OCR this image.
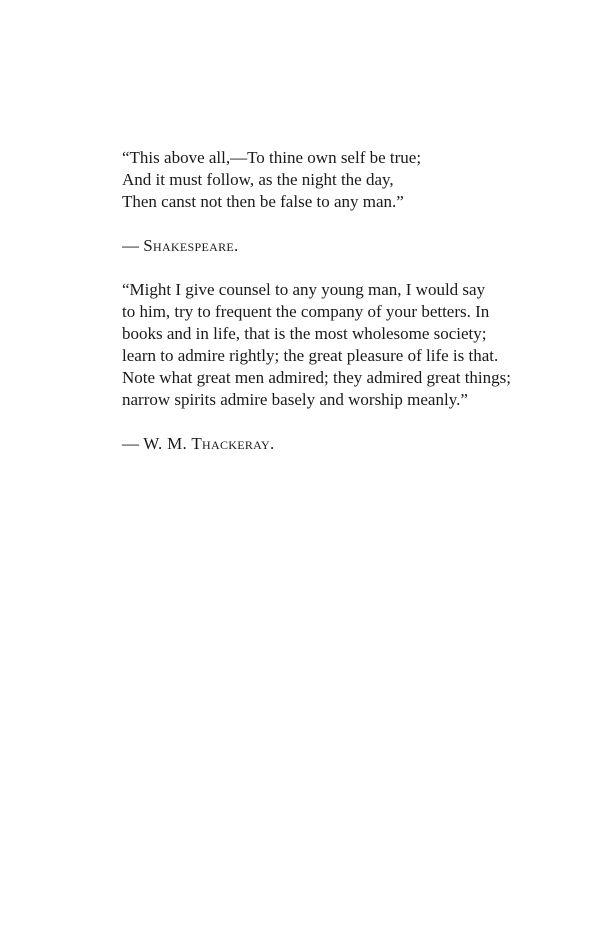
“This above all,—To thine own self be true;
And it must follow, as the night the day,
Then canst not then be false to any man.”

— Shakespeare.

“Might I give counsel to any young man, I would say
to him, try to frequent the company of your betters. In
books and in life, that is the most wholesome society;
learn to admire rightly; the great pleasure of life is that.
Note what great men admired; they admired great things;
narrow spirits admire basely and worship meanly.”

— W. M. Thackeray.
